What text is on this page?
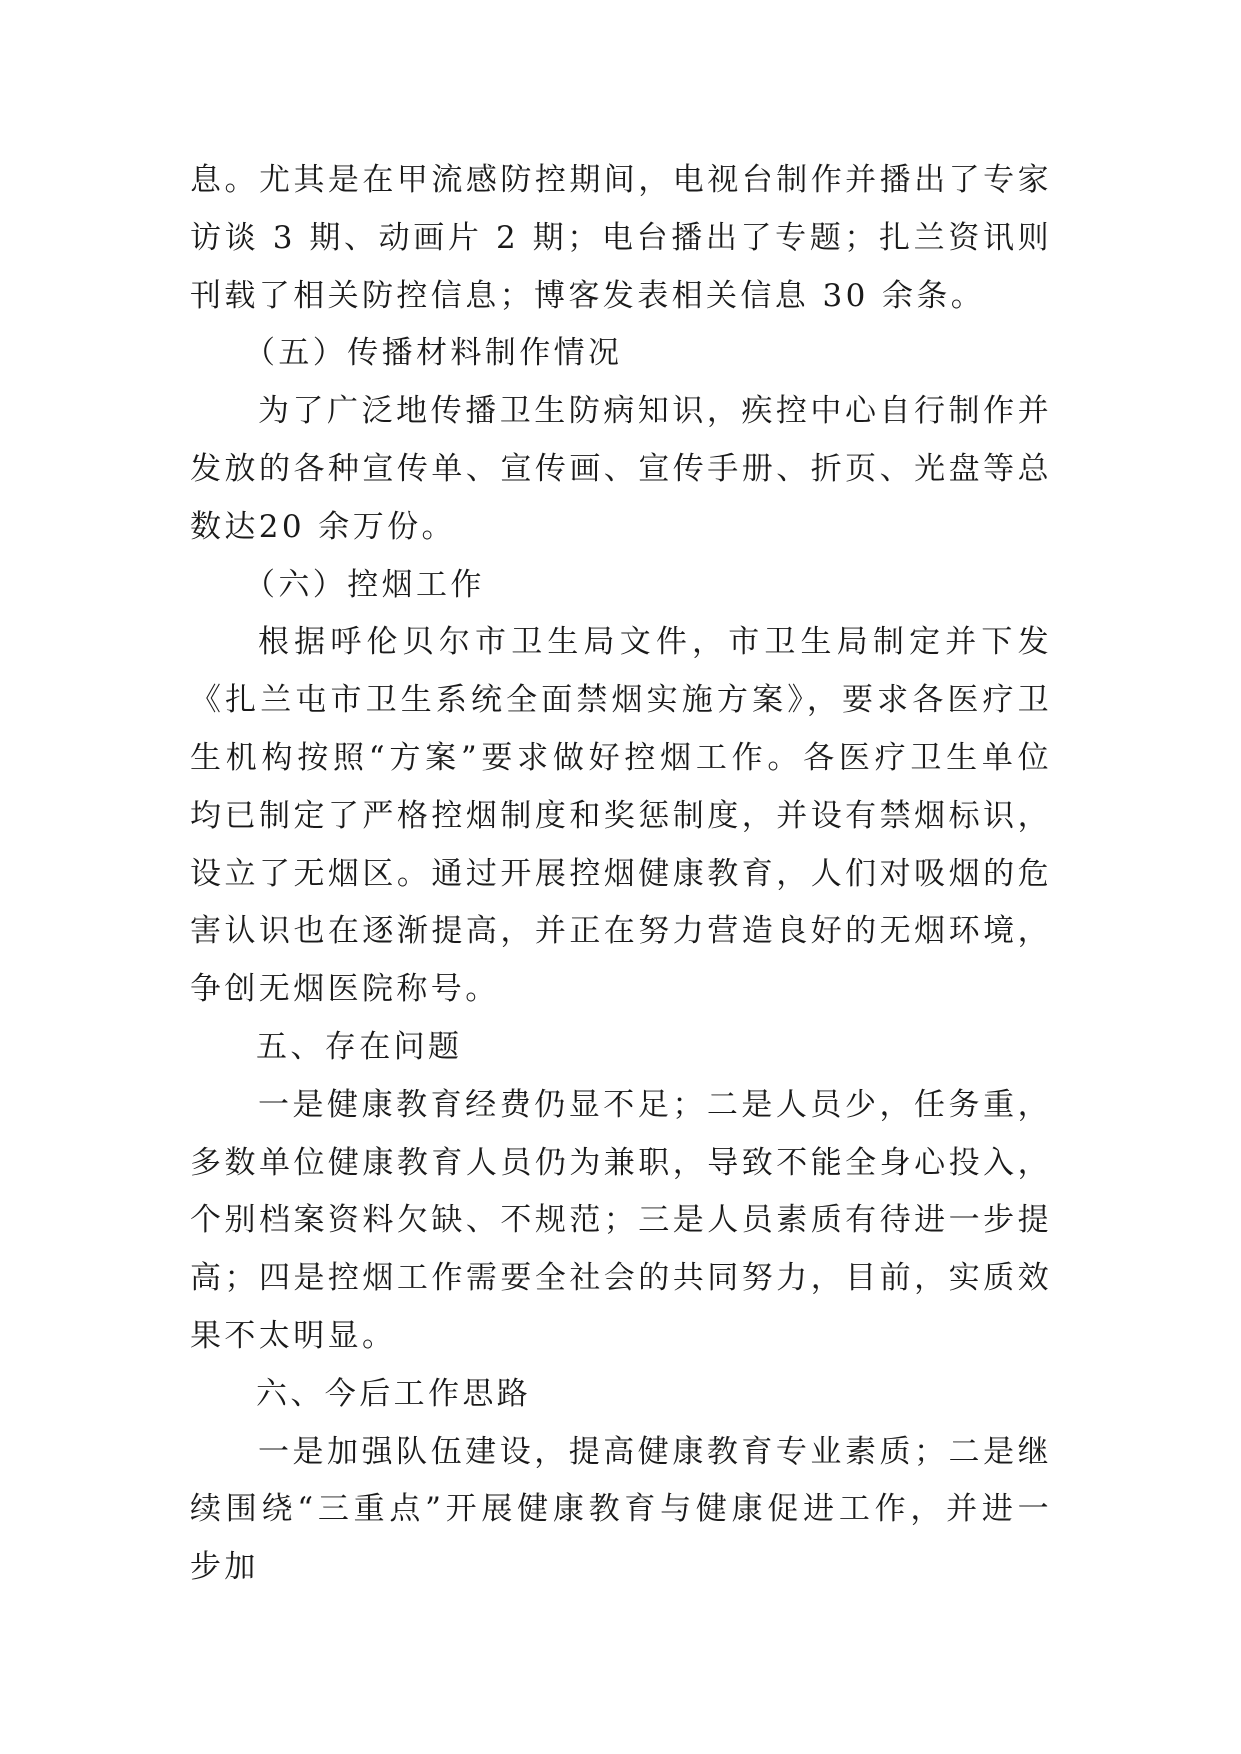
息。尤其是在甲流感防控期间，电视台制作并播出了专家访谈 3 期、动画片 2 期；电台播出了专题；扎兰资讯则刊载了相关防控信息；博客发表相关信息 30 余条。

（五）传播材料制作情况

为了广泛地传播卫生防病知识，疾控中心自行制作并发放的各种宣传单、宣传画、宣传手册、折页、光盘等总数达20 余万份。

（六）控烟工作

根据呼伦贝尔市卫生局文件，市卫生局制定并下发《扎兰屯市卫生系统全面禁烟实施方案》，要求各医疗卫生机构按照“方案”要求做好控烟工作。各医疗卫生单位均已制定了严格控烟制度和奖惩制度，并设有禁烟标识，设立了无烟区。通过开展控烟健康教育，人们对吸烟的危害认识也在逐渐提高，并正在努力营造良好的无烟环境，争创无烟医院称号。

五、存在问题

一是健康教育经费仍显不足；二是人员少，任务重，多数单位健康教育人员仍为兼职，导致不能全身心投入，个别档案资料欠缺、不规范；三是人员素质有待进一步提高；四是控烟工作需要全社会的共同努力，目前，实质效果不太明显。

六、今后工作思路

一是加强队伍建设，提高健康教育专业素质；二是继续围绕“三重点”开展健康教育与健康促进工作，并进一步加
